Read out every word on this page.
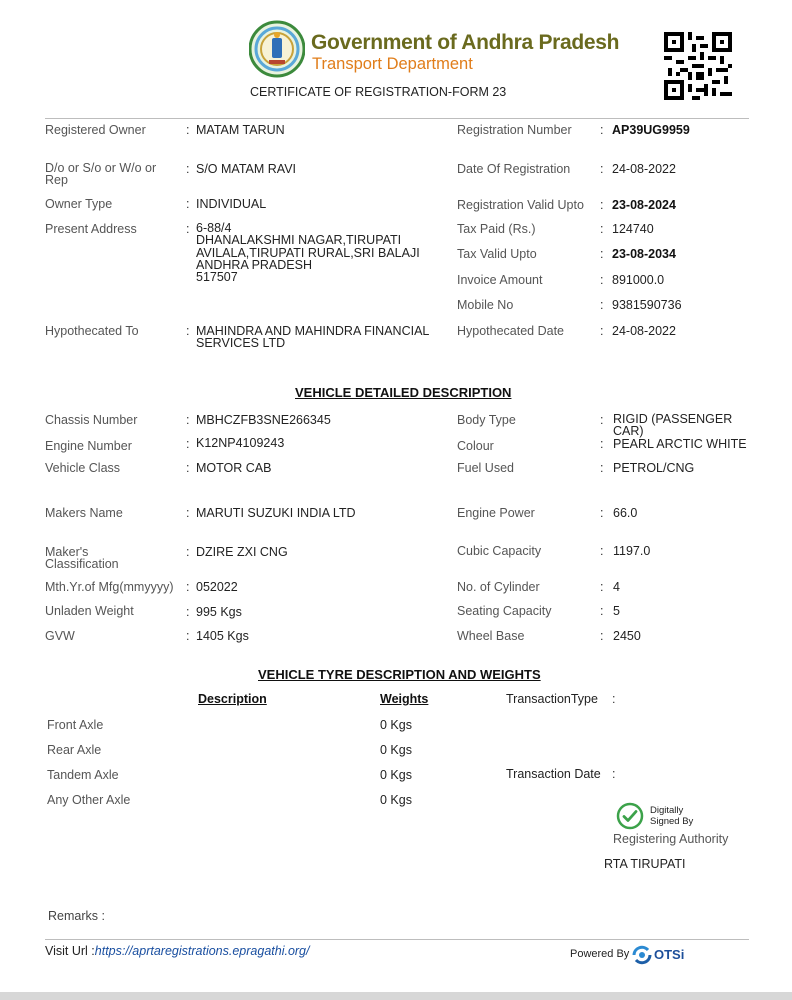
Government of Andhra Pradesh
Transport Department
CERTIFICATE OF REGISTRATION-FORM 23
Registered Owner	: MATAM TARUN
D/o or S/o or W/o or Rep
: S/O MATAM RAVI
Owner Type	: INDIVIDUAL
Present Address	: 6-88/4
DHANALAKSHMI NAGAR,TIRUPATI
AVILALA,TIRUPATI RURAL,SRI BALAJI
ANDHRA PRADESH
517507
Hypothecated To	: MAHINDRA AND MAHINDRA FINANCIAL SERVICES LTD
Registration Number : AP39UG9959
Date Of Registration : 24-08-2022
Registration Valid Upto : 23-08-2024
Tax Paid (Rs.)	: 124740
Tax Valid Upto	: 23-08-2034
Invoice Amount	: 891000.0
Mobile No	: 9381590736
Hypothecated Date	: 24-08-2022
VEHICLE DETAILED DESCRIPTION
Chassis Number	: MBHCZFB3SNE266345
Engine Number	: K12NP4109243
Vehicle Class	: MOTOR CAB
Makers Name	: MARUTI SUZUKI INDIA LTD
Maker's Classification
: DZIRE ZXI CNG
Mth.Yr.of Mfg(mmyyyy) : 052022
Unladen Weight	: 995 Kgs
GVW	: 1405 Kgs
Body Type	: RIGID (PASSENGER CAR)
Colour	: PEARL ARCTIC WHITE
Fuel Used	: PETROL/CNG
Engine Power	: 66.0
Cubic Capacity	: 1197.0
No. of Cylinder	: 4
Seating Capacity	: 5
Wheel Base	: 2450
VEHICLE TYRE DESCRIPTION AND WEIGHTS
Description	Weights
Front Axle	0 Kgs
Rear Axle	0 Kgs
Tandem Axle	0 Kgs
Any Other Axle	0 Kgs
TransactionType :
Transaction Date :
Digitally
Signed By
Registering Authority
RTA TIRUPATI
Remarks :
Visit Url :https://aprtaregistrations.epragathi.org/	Powered By OTSi
